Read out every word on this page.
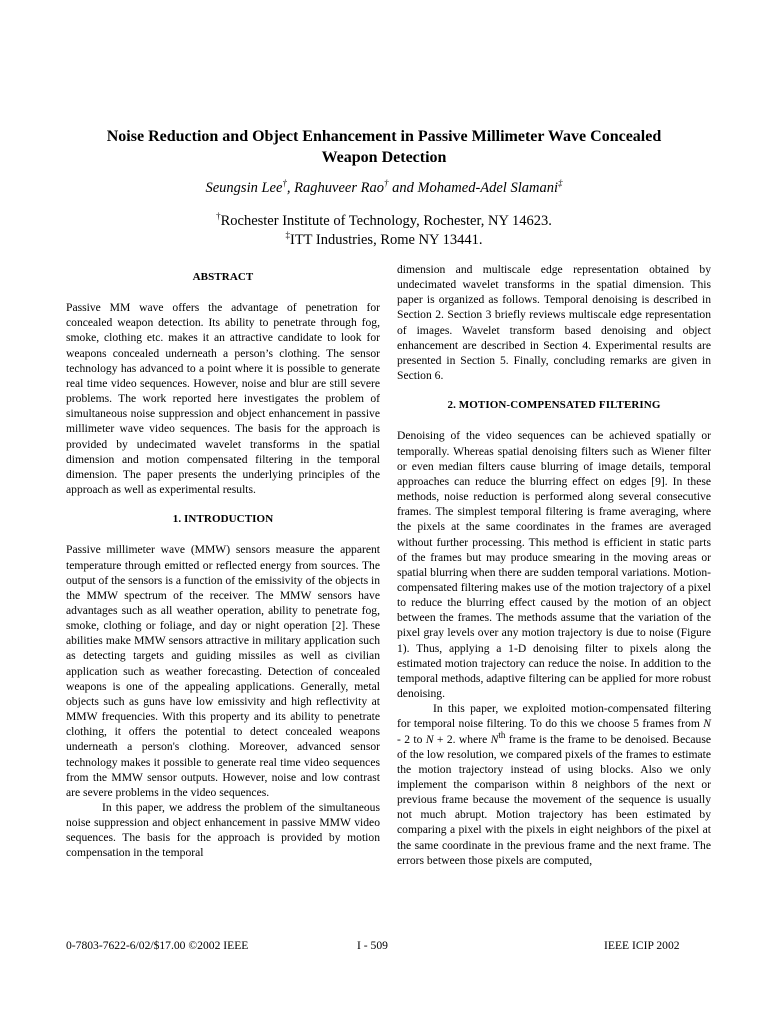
Noise Reduction and Object Enhancement in Passive Millimeter Wave Concealed
Weapon Detection
Seungsin Lee†, Raghuveer Rao† and Mohamed-Adel Slamani‡

†Rochester Institute of Technology, Rochester, NY 14623.

‡ITT Industries, Rome NY 13441.

ABSTRACT

Passive MM wave offers the advantage of penetration for concealed weapon detection. Its ability to penetrate through fog, smoke, clothing etc. makes it an attractive candidate to look for weapons concealed underneath a person’s clothing. The sensor technology has advanced to a point where it is possible to generate real time video sequences. However, noise and blur are still severe problems. The work reported here investigates the problem of simultaneous noise suppression and object enhancement in passive millimeter wave video sequences. The basis for the approach is provided by undecimated wavelet transforms in the spatial dimension and motion compensated filtering in the temporal dimension. The paper presents the underlying principles of the approach as well as experimental results.

1. INTRODUCTION

Passive millimeter wave (MMW) sensors measure the apparent temperature through emitted or reflected energy from sources. The output of the sensors is a function of the emissivity of the objects in the MMW spectrum of the receiver. The MMW sensors have advantages such as all weather operation, ability to penetrate fog, smoke, clothing or foliage, and day or night operation [2]. These abilities make MMW sensors attractive in military application such as detecting targets and guiding missiles as well as civilian application such as weather forecasting. Detection of concealed weapons is one of the appealing applications. Generally, metal objects such as guns have low emissivity and high reflectivity at MMW frequencies. With this property and its ability to penetrate clothing, it offers the potential to detect concealed weapons underneath a person's clothing. Moreover, advanced sensor technology makes it possible to generate real time video sequences from the MMW sensor outputs. However, noise and low contrast are severe problems in the video sequences.

In this paper, we address the problem of the simultaneous noise suppression and object enhancement in passive MMW video sequences. The basis for the approach is provided by motion compensation in the temporal

dimension and multiscale edge representation obtained by undecimated wavelet transforms in the spatial dimension. This paper is organized as follows. Temporal denoising is described in Section 2. Section 3 briefly reviews multiscale edge representation of images. Wavelet transform based denoising and object enhancement are described in Section 4. Experimental results are presented in Section 5. Finally, concluding remarks are given in Section 6.

2. MOTION-COMPENSATED FILTERING

Denoising of the video sequences can be achieved spatially or temporally. Whereas spatial denoising filters such as Wiener filter or even median filters cause blurring of image details, temporal approaches can reduce the blurring effect on edges [9]. In these methods, noise reduction is performed along several consecutive frames. The simplest temporal filtering is frame averaging, where the pixels at the same coordinates in the frames are averaged without further processing. This method is efficient in static parts of the frames but may produce smearing in the moving areas or spatial blurring when there are sudden temporal variations. Motion-compensated filtering makes use of the motion trajectory of a pixel to reduce the blurring effect caused by the motion of an object between the frames. The methods assume that the variation of the pixel gray levels over any motion trajectory is due to noise (Figure 1). Thus, applying a 1-D denoising filter to pixels along the estimated motion trajectory can reduce the noise. In addition to the temporal methods, adaptive filtering can be applied for more robust denoising.

In this paper, we exploited motion-compensated filtering for temporal noise filtering. To do this we choose 5 frames from N - 2 to N + 2. where $N^{th}$ frame is the frame to be denoised. Because of the low resolution, we compared pixels of the frames to estimate the motion trajectory instead of using blocks. Also we only implement the comparison within 8 neighbors of the next or previous frame because the movement of the sequence is usually not much abrupt. Motion trajectory has been estimated by comparing a pixel with the pixels in eight neighbors of the pixel at the same coordinate in the previous frame and the next frame. The errors between those pixels are computed,

0-7803-7622-6/02/$17.00 ©2002 IEEE	I - 509	IEEE ICIP 2002
